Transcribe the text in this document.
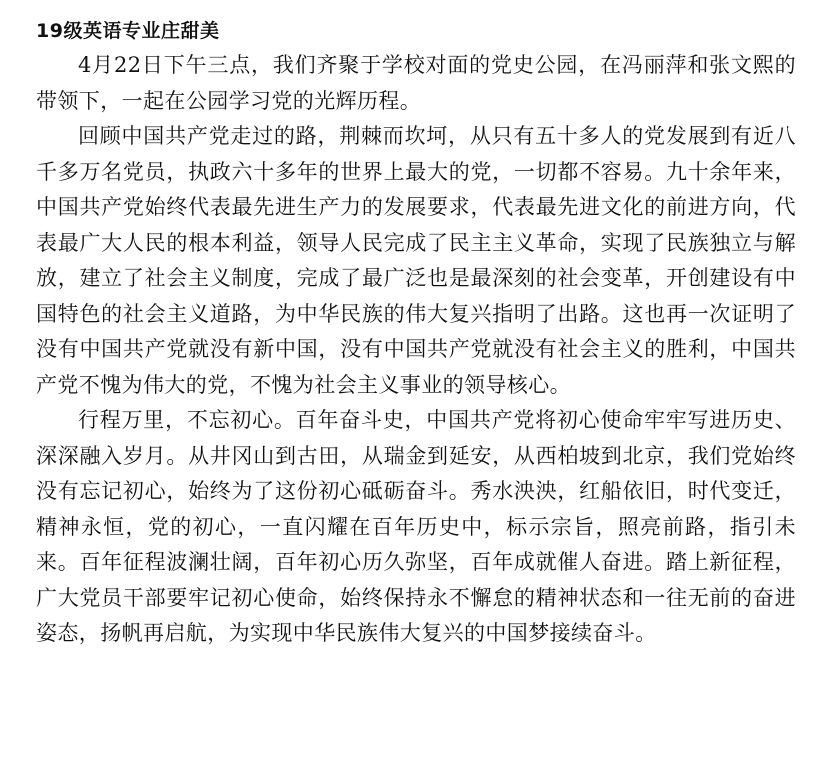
19级英语专业庄甜美

4月22日下午三点，我们齐聚于学校对面的党史公园，在冯丽萍和张文熙的带领下，一起在公园学习党的光辉历程。

回顾中国共产党走过的路，荆棘而坎坷，从只有五十多人的党发展到有近八千多万名党员，执政六十多年的世界上最大的党，一切都不容易。九十余年来，中国共产党始终代表最先进生产力的发展要求，代表最先进文化的前进方向，代表最广大人民的根本利益，领导人民完成了民主主义革命，实现了民族独立与解放，建立了社会主义制度，完成了最广泛也是最深刻的社会变革，开创建设有中国特色的社会主义道路，为中华民族的伟大复兴指明了出路。这也再一次证明了没有中国共产党就没有新中国，没有中国共产党就没有社会主义的胜利，中国共产党不愧为伟大的党，不愧为社会主义事业的领导核心。

行程万里，不忘初心。百年奋斗史，中国共产党将初心使命牢牢写进历史、深深融入岁月。从井冈山到古田，从瑞金到延安，从西柏坡到北京，我们党始终没有忘记初心，始终为了这份初心砥砺奋斗。秀水泱泱，红船依旧，时代变迁，精神永恒，党的初心，一直闪耀在百年历史中，标示宗旨，照亮前路，指引未来。百年征程波澜壮阔，百年初心历久弥坚，百年成就催人奋进。踏上新征程，广大党员干部要牢记初心使命，始终保持永不懈怠的精神状态和一往无前的奋进姿态，扬帆再启航，为实现中华民族伟大复兴的中国梦接续奋斗。
